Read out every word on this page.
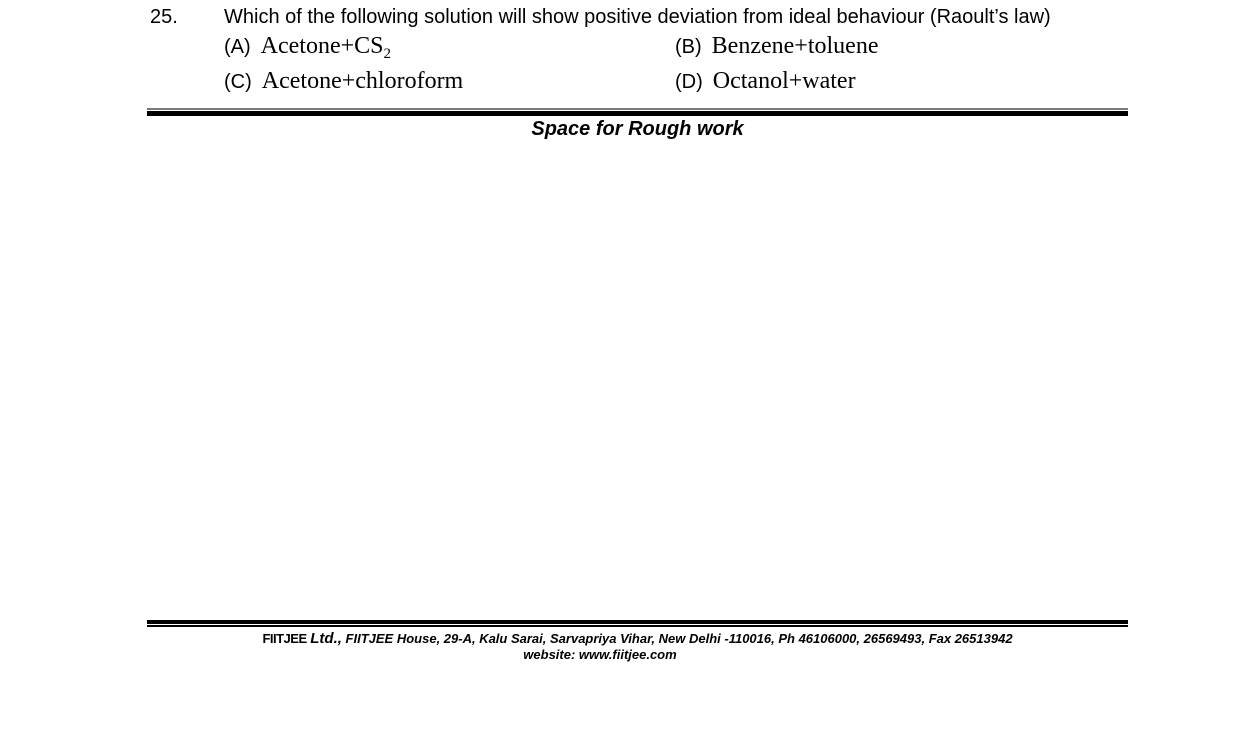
25. Which of the following solution will show positive deviation from ideal behaviour (Raoult’s law)
(A) $Acetone+CS_2$	(B) Benzene+toluene
(C) Acetone+chloroform	(D) Octanol+water
Space for Rough work
FIITJEE Ltd., FIITJEE House, 29-A, Kalu Sarai, Sarvapriya Vihar, New Delhi -110016, Ph 46106000, 26569493, Fax 26513942
website: www.fiitjee.com
